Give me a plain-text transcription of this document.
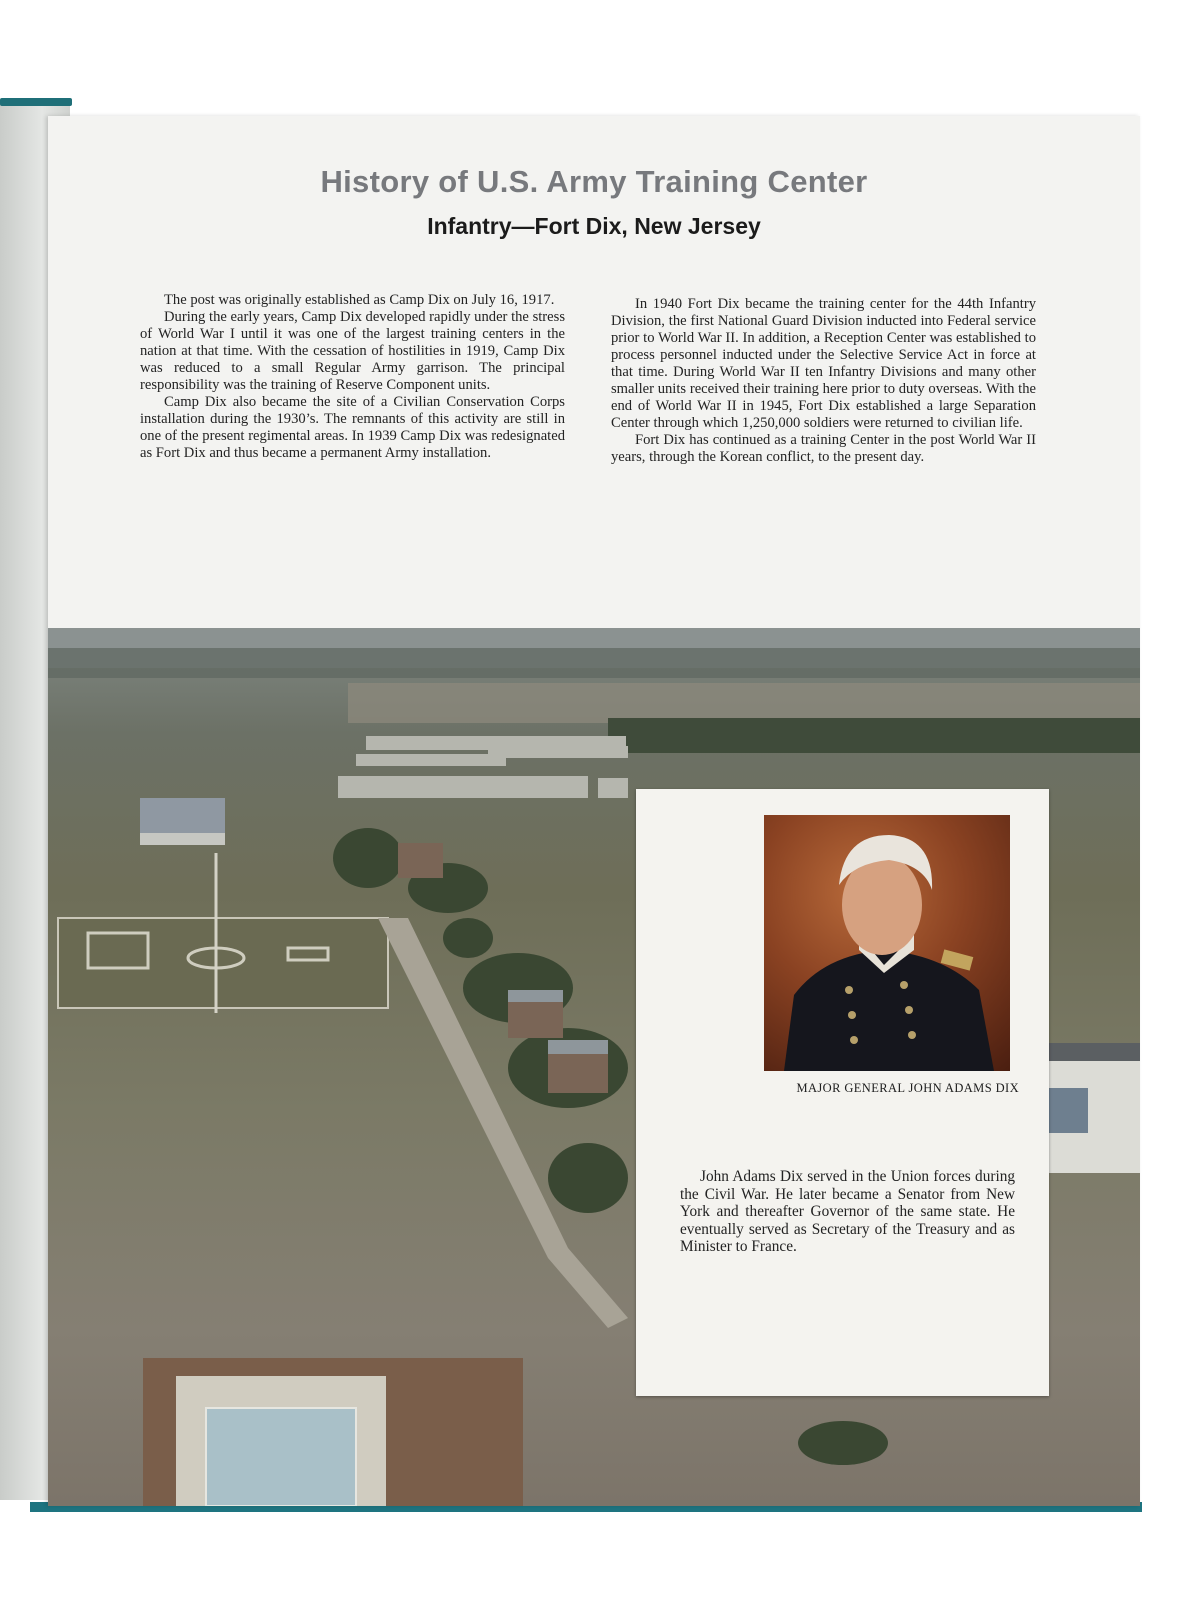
History of U.S. Army Training Center
Infantry—Fort Dix, New Jersey

The post was originally established as Camp Dix on July 16, 1917.

During the early years, Camp Dix developed rapidly under the stress of World War I until it was one of the largest training centers in the nation at that time. With the cessation of hostilities in 1919, Camp Dix was reduced to a small Regular Army garrison. The principal responsibility was the training of Reserve Component units.

Camp Dix also became the site of a Civilian Conservation Corps installation during the 1930’s. The remnants of this activity are still in one of the present regimental areas. In 1939 Camp Dix was redesignated as Fort Dix and thus became a permanent Army installation.

In 1940 Fort Dix became the training center for the 44th Infantry Division, the first National Guard Division inducted into Federal service prior to World War II. In addition, a Reception Center was established to process personnel inducted under the Selective Service Act in force at that time. During World War II ten Infantry Divisions and many other smaller units received their training here prior to duty overseas. With the end of World War II in 1945, Fort Dix established a large Separation Center through which 1,250,000 soldiers were returned to civilian life.

Fort Dix has continued as a training Center in the post World War II years, through the Korean conflict, to the present day.

MAJOR GENERAL JOHN ADAMS DIX

John Adams Dix served in the Union forces during the Civil War. He later became a Senator from New York and thereafter Governor of the same state. He eventually served as Secretary of the Treasury and as Minister to France.
